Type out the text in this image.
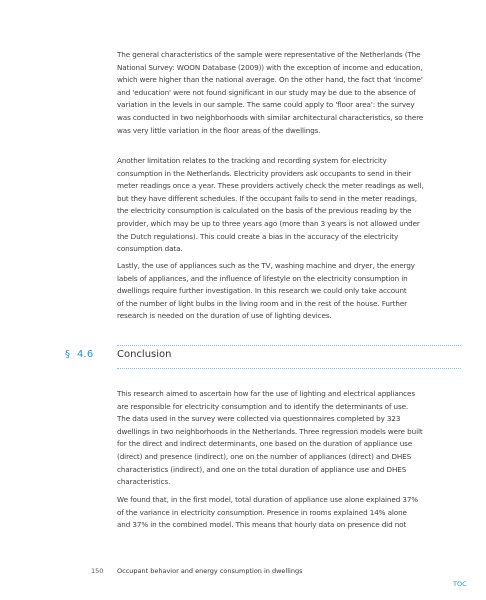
The general characteristics of the sample were representative of the Netherlands (The
National Survey: WOON Database (2009)) with the exception of income and education,
which were higher than the national average. On the other hand, the fact that 'income'
and 'education' were not found significant in our study may be due to the absence of
variation in the levels in our sample. The same could apply to 'floor area': the survey
was conducted in two neighborhoods with similar architectural characteristics, so there
was very little variation in the floor areas of the dwellings.
Another limitation relates to the tracking and recording system for electricity
consumption in the Netherlands. Electricity providers ask occupants to send in their
meter readings once a year. These providers actively check the meter readings as well,
but they have different schedules. If the occupant fails to send in the meter readings,
the electricity consumption is calculated on the basis of the previous reading by the
provider, which may be up to three years ago (more than 3 years is not allowed under
the Dutch regulations). This could create a bias in the accuracy of the electricity
consumption data.
Lastly, the use of appliances such as the TV, washing machine and dryer, the energy
labels of appliances, and the influence of lifestyle on the electricity consumption in
dwellings require further investigation. In this research we could only take account
of the number of light bulbs in the living room and in the rest of the house. Further
research is needed on the duration of use of lighting devices.
§ 4.6 Conclusion
This research aimed to ascertain how far the use of lighting and electrical appliances
are responsible for electricity consumption and to identify the determinants of use.
The data used in the survey were collected via questionnaires completed by 323
dwellings in two neighborhoods in the Netherlands. Three regression models were built
for the direct and indirect determinants, one based on the duration of appliance use
(direct) and presence (indirect), one on the number of appliances (direct) and DHES
characteristics (indirect), and one on the total duration of appliance use and DHES
characteristics.
We found that, in the first model, total duration of appliance use alone explained 37%
of the variance in electricity consumption. Presence in rooms explained 14% alone
and 37% in the combined model. This means that hourly data on presence did not
150 Occupant behavior and energy consumption in dwellings
TOC
